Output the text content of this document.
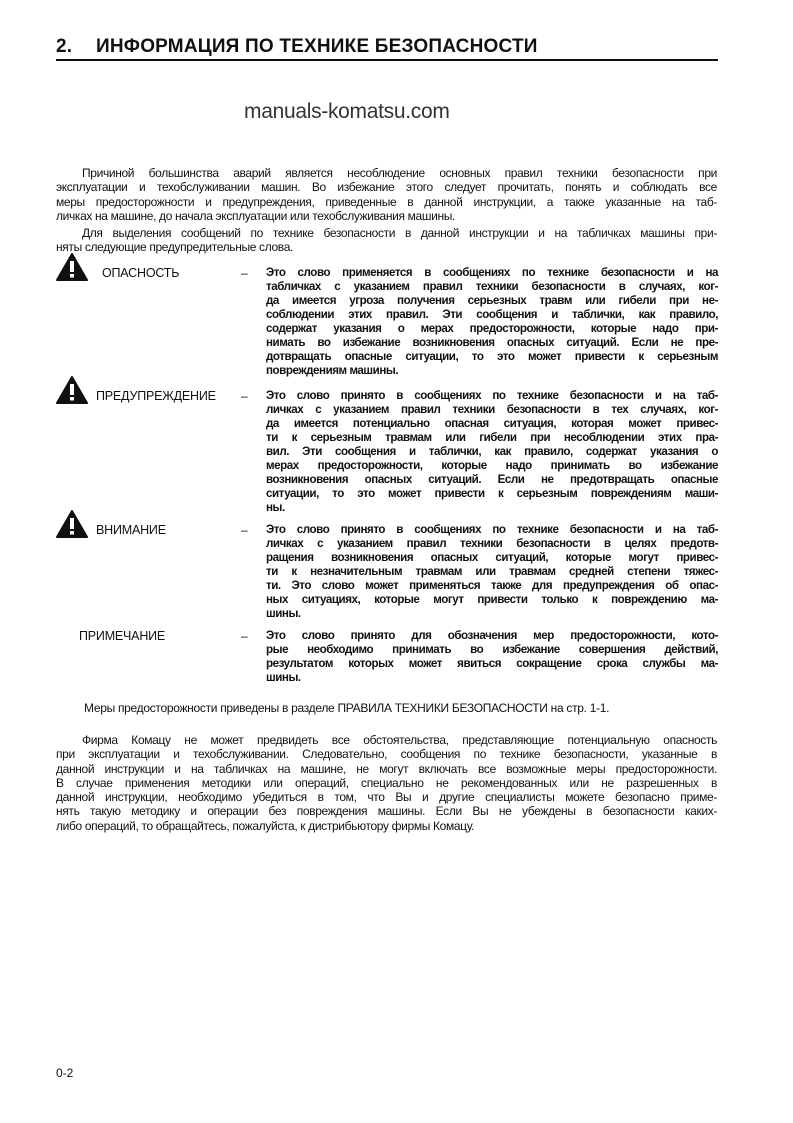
2. ИНФОРМАЦИЯ ПО ТЕХНИКЕ БЕЗОПАСНОСТИ
manuals-komatsu.com
Причиной большинства аварий является несоблюдение основных правил техники безопасности при
эксплуатации и техобслуживании машин. Во избежание этого следует прочитать, понять и соблюдать все
меры предосторожности и предупреждения, приведенные в данной инструкции, а также указанные на таб-
личках на машине, до начала эксплуатации или техобслуживания машины.
Для выделения сообщений по технике безопасности в данной инструкции и на табличках машины при-
няты следующие предупредительные слова.
ОПАСНОСТЬ	– Это слово применяется в сообщениях по технике безопасности и на
табличках с указанием правил техники безопасности в случаях, ког-
да имеется угроза получения серьезных травм или гибели при не-
соблюдении этих правил. Эти сообщения и таблички, как правило,
содержат указания о мерах предосторожности, которые надо при-
нимать во избежание возникновения опасных ситуаций. Если не пре-
дотвращать опасные ситуации, то это может привести к серьезным
повреждениям машины.
ПРЕДУПРЕЖДЕНИЕ – Это слово принято в сообщениях по технике безопасности и на таб-
личках с указанием правил техники безопасности в тех случаях, ког-
да имеется потенциально опасная ситуация, которая может привес-
ти к серьезным травмам или гибели при несоблюдении этих пра-
вил. Эти сообщения и таблички, как правило, содержат указания о
мерах предосторожности, которые надо принимать во избежание
возникновения опасных ситуаций. Если не предотвращать опасные
ситуации, то это может привести к серьезным повреждениям маши-
ны.
ВНИМАНИЕ	– Это слово принято в сообщениях по технике безопасности и на таб-
личках с указанием правил техники безопасности в целях предотв-
ращения возникновения опасных ситуаций, которые могут привес-
ти к незначительным травмам или травмам средней степени тяжес-
ти. Это слово может применяться также для предупреждения об опас-
ных ситуациях, которые могут привести только к повреждению ма-
шины.
ПРИМЕЧАНИЕ	– Это слово принято для обозначения мер предосторожности, кото-
рые необходимо принимать во избежание совершения действий,
результатом которых может явиться сокращение срока службы ма-
шины.
Меры предосторожности приведены в разделе ПРАВИЛА ТЕХНИКИ БЕЗОПАСНОСТИ на стр. 1-1.
Фирма Комацу не может предвидеть все обстоятельства, представляющие потенциальную опасность
при эксплуатации и техобслуживании. Следовательно, сообщения по технике безопасности, указанные в
данной инструкции и на табличках на машине, не могут включать все возможные меры предосторожности.
В случае применения методики или операций, специально не рекомендованных или не разрешенных в
данной инструкции, необходимо убедиться в том, что Вы и другие специалисты можете безопасно приме-
нять такую методику и операции без повреждения машины. Если Вы не убеждены в безопасности каких-
либо операций, то обращайтесь, пожалуйста, к дистрибьютору фирмы Комацу.
0-2
